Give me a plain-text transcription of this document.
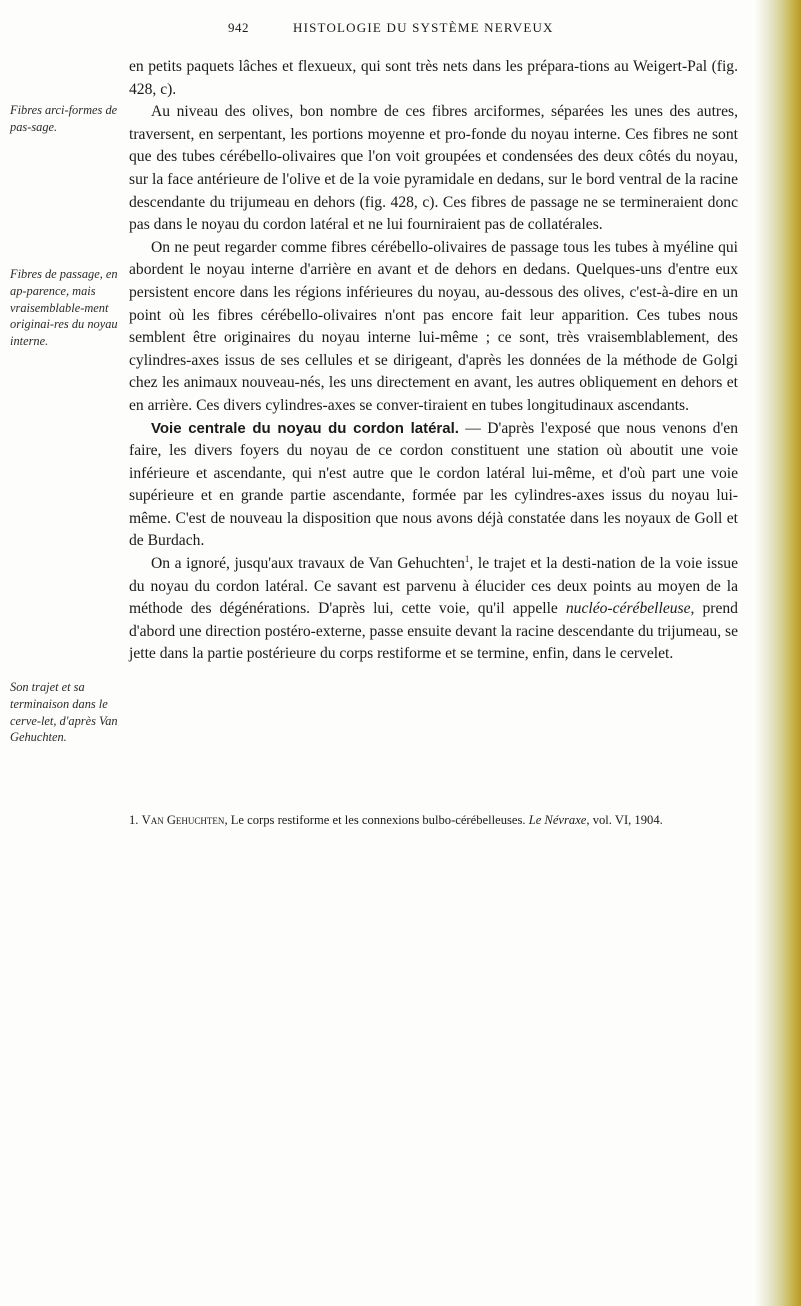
942	HISTOLOGIE DU SYSTÈME NERVEUX
Fibres arci-formes de pas-sage.
Fibres de passage, en ap-parence, mais vraisemblable-ment originai-res du noyau interne.
Son trajet et sa terminaison dans le cerve-let, d'après Van Gehuchten.

en petits paquets lâches et flexueux, qui sont très nets dans les prépara-tions au Weigert-Pal (fig. 428, c).

Au niveau des olives, bon nombre de ces fibres arciformes, séparées les unes des autres, traversent, en serpentant, les portions moyenne et pro-fonde du noyau interne. Ces fibres ne sont que des tubes cérébello-olivaires que l'on voit groupées et condensées des deux côtés du noyau, sur la face antérieure de l'olive et de la voie pyramidale en dedans, sur le bord ventral de la racine descendante du trijumeau en dehors (fig. 428, c). Ces fibres de passage ne se termineraient donc pas dans le noyau du cordon latéral et ne lui fourniraient pas de collatérales.

On ne peut regarder comme fibres cérébello-olivaires de passage tous les tubes à myéline qui abordent le noyau interne d'arrière en avant et de dehors en dedans. Quelques-uns d'entre eux persistent encore dans les régions inférieures du noyau, au-dessous des olives, c'est-à-dire en un point où les fibres cérébello-olivaires n'ont pas encore fait leur apparition. Ces tubes nous semblent être originaires du noyau interne lui-même ; ce sont, très vraisemblablement, des cylindres-axes issus de ses cellules et se dirigeant, d'après les données de la méthode de Golgi chez les animaux nouveau-nés, les uns directement en avant, les autres obliquement en dehors et en arrière. Ces divers cylindres-axes se conver-tiraient en tubes longitudinaux ascendants.

Voie centrale du noyau du cordon latéral. — D'après l'exposé que nous venons d'en faire, les divers foyers du noyau de ce cordon constituent une station où aboutit une voie inférieure et ascendante, qui n'est autre que le cordon latéral lui-même, et d'où part une voie supérieure et en grande partie ascendante, formée par les cylindres-axes issus du noyau lui-même. C'est de nouveau la disposition que nous avons déjà constatée dans les noyaux de Goll et de Burdach.

On a ignoré, jusqu'aux travaux de Van Gehuchten$^1$, le trajet et la desti-nation de la voie issue du noyau du cordon latéral. Ce savant est parvenu à élucider ces deux points au moyen de la méthode des dégénérations. D'après lui, cette voie, qu'il appelle nucléo-cérébelleuse, prend d'abord une direction postéro-externe, passe ensuite devant la racine descendante du trijumeau, se jette dans la partie postérieure du corps restiforme et se termine, enfin, dans le cervelet.

1. Van Gehuchten, Le corps restiforme et les connexions bulbo-cérébelleuses. Le Névraxe, vol. VI, 1904.
